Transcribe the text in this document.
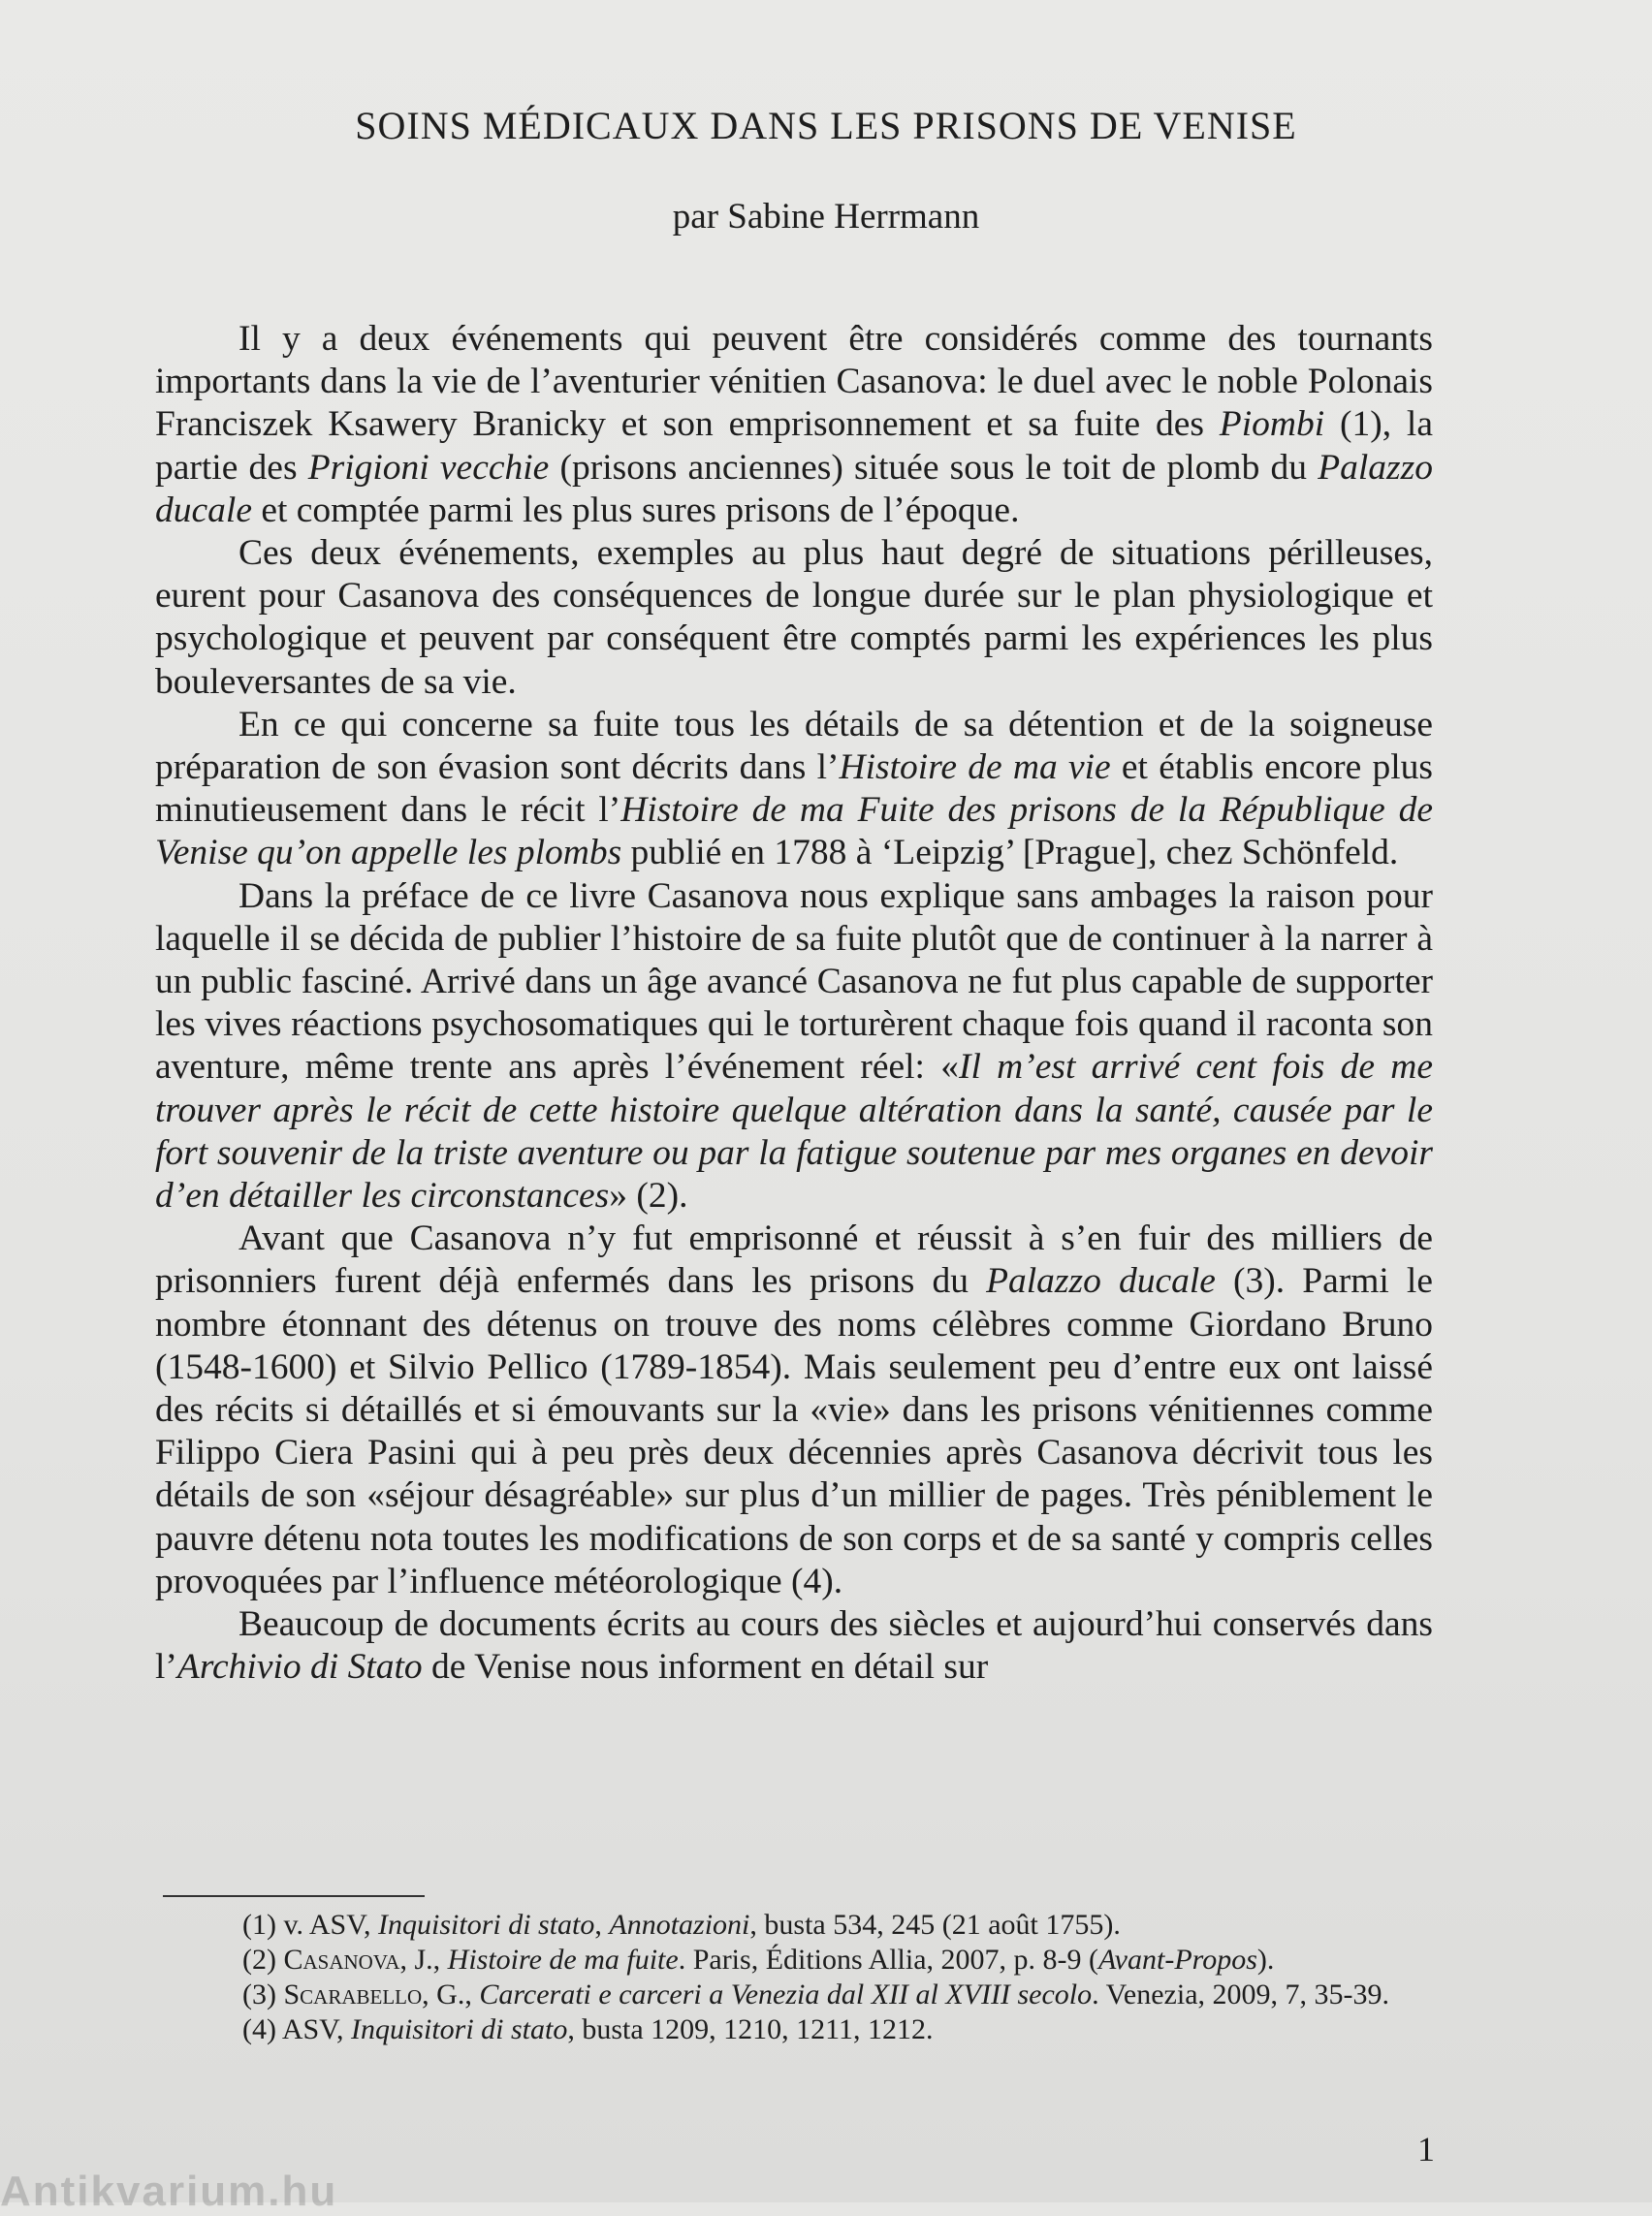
SOINS MÉDICAUX DANS LES PRISONS DE VENISE
par Sabine Herrmann

Il y a deux événements qui peuvent être considérés comme des tournants importants dans la vie de l’aventurier vénitien Casanova: le duel avec le noble Polonais Franciszek Ksawery Branicky et son emprisonnement et sa fuite des Piombi (1), la partie des Prigioni vecchie (prisons anciennes) située sous le toit de plomb du Palazzo ducale et comptée parmi les plus sures prisons de l’époque.

Ces deux événements, exemples au plus haut degré de situations périlleuses, eurent pour Casanova des conséquences de longue durée sur le plan physiologique et psychologique et peuvent par conséquent être comptés parmi les expériences les plus bouleversantes de sa vie.

En ce qui concerne sa fuite tous les détails de sa détention et de la soigneuse préparation de son évasion sont décrits dans l’Histoire de ma vie et établis encore plus minutieusement dans le récit l’Histoire de ma Fuite des prisons de la République de Venise qu’on appelle les plombs publié en 1788 à ‘Leipzig’ [Prague], chez Schönfeld.

Dans la préface de ce livre Casanova nous explique sans ambages la raison pour laquelle il se décida de publier l’histoire de sa fuite plutôt que de continuer à la narrer à un public fasciné. Arrivé dans un âge avancé Casanova ne fut plus capable de supporter les vives réactions psychosomatiques qui le torturèrent chaque fois quand il raconta son aventure, même trente ans après l’événement réel: «Il m’est arrivé cent fois de me trouver après le récit de cette histoire quelque altération dans la santé, causée par le fort souvenir de la triste aventure ou par la fatigue soutenue par mes organes en devoir d’en détailler les circonstances» (2).

Avant que Casanova n’y fut emprisonné et réussit à s’en fuir des milliers de prisonniers furent déjà enfermés dans les prisons du Palazzo ducale (3). Parmi le nombre étonnant des détenus on trouve des noms célèbres comme Giordano Bruno (1548-1600) et Silvio Pellico (1789-1854). Mais seulement peu d’entre eux ont laissé des récits si détaillés et si émouvants sur la «vie» dans les prisons vénitiennes comme Filippo Ciera Pasini qui à peu près deux décennies après Casanova décrivit tous les détails de son «séjour désagréable» sur plus d’un millier de pages. Très péniblement le pauvre détenu nota toutes les modifications de son corps et de sa santé y compris celles provoquées par l’influence météorologique (4).

Beaucoup de documents écrits au cours des siècles et aujourd’hui conservés dans l’Archivio di Stato de Venise nous informent en détail sur

(1) v. ASV, Inquisitori di stato, Annotazioni, busta 534, 245 (21 août 1755).
(2) Casanova, J., Histoire de ma fuite. Paris, Éditions Allia, 2007, p. 8-9 (Avant-Propos).
(3) Scarabello, G., Carcerati e carceri a Venezia dal XII al XVIII secolo. Venezia, 2009, 7, 35-39.
(4) ASV, Inquisitori di stato, busta 1209, 1210, 1211, 1212.
1
Antikvarium.hu
